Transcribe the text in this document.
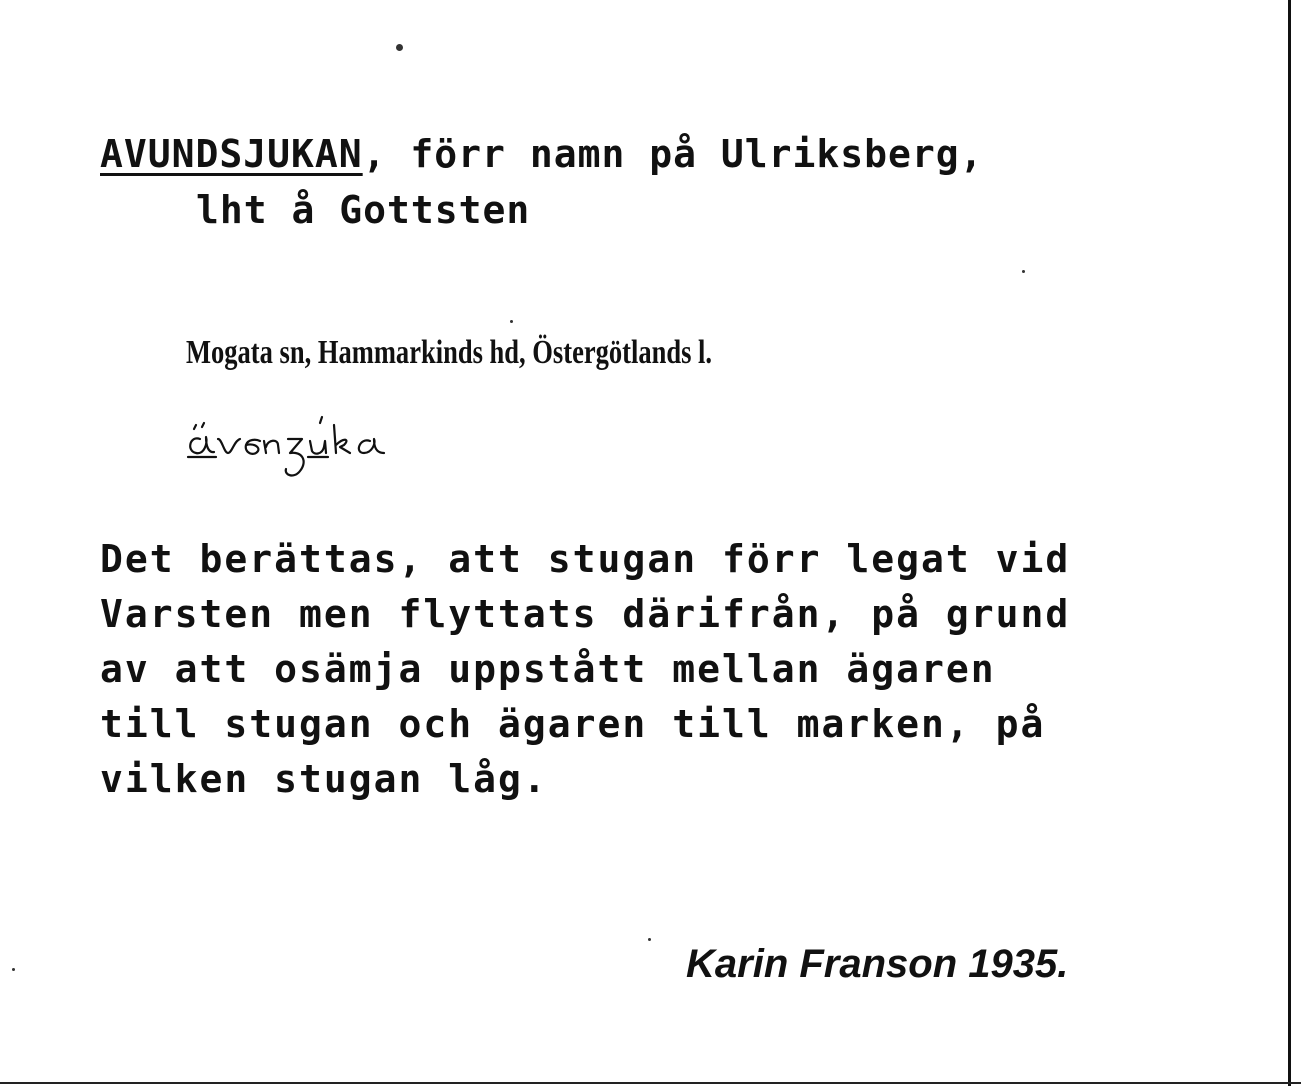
AVUNDSJUKAN, förr namn på Ulriksberg,
lht å Gottsten
Mogata sn, Hammarkinds hd, Östergötlands l.
Det berättas, att stugan förr legat vid
Varsten men flyttats därifrån, på grund
av att osämja uppstått mellan ägaren
till stugan och ägaren till marken, på
vilken stugan låg.
Karin Franson 1935.
